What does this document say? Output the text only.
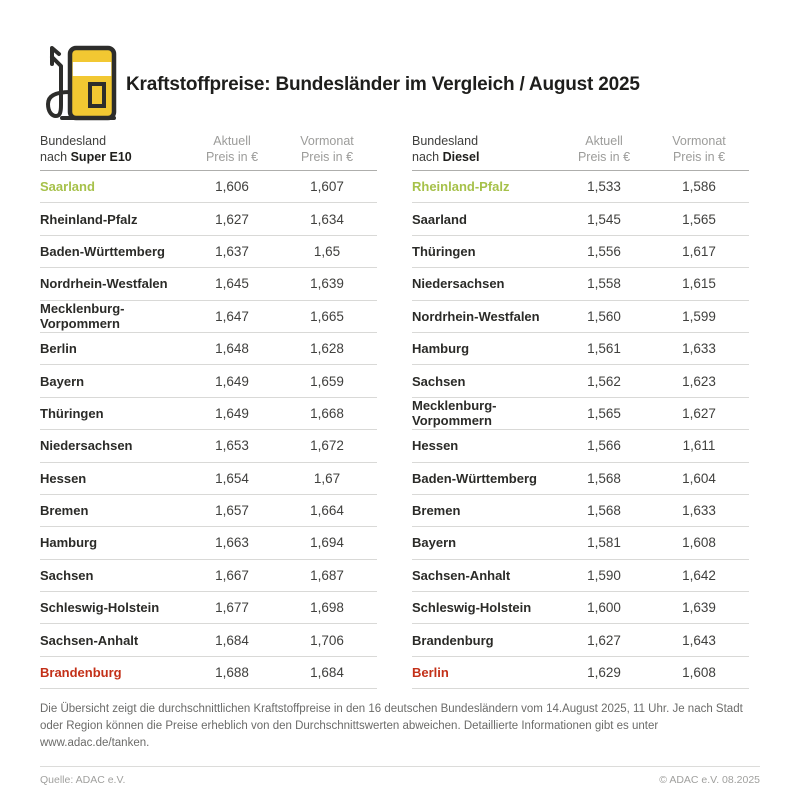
Kraftstoffpreise: Bundesländer im Vergleich / August 2025
Bundesland
nach Super E10
Aktuell
Preis in €
Vormonat
Preis in €
Saarland	1,606	1,607
Rheinland-Pfalz	1,627	1,634
Baden-Württemberg	1,637	1,65
Nordrhein-Westfalen	1,645	1,639
Mecklenburg-Vorpommern	1,647	1,665
Berlin	1,648	1,628
Bayern	1,649	1,659
Thüringen	1,649	1,668
Niedersachsen	1,653	1,672
Hessen	1,654	1,67
Bremen	1,657	1,664
Hamburg	1,663	1,694
Sachsen	1,667	1,687
Schleswig-Holstein	1,677	1,698
Sachsen-Anhalt	1,684	1,706
Brandenburg	1,688	1,684
Bundesland
nach Diesel
Aktuell
Preis in €
Vormonat
Preis in €
Rheinland-Pfalz	1,533	1,586
Saarland	1,545	1,565
Thüringen	1,556	1,617
Niedersachsen	1,558	1,615
Nordrhein-Westfalen	1,560	1,599
Hamburg	1,561	1,633
Sachsen	1,562	1,623
Mecklenburg-Vorpommern	1,565	1,627
Hessen	1,566	1,611
Baden-Württemberg	1,568	1,604
Bremen	1,568	1,633
Bayern	1,581	1,608
Sachsen-Anhalt	1,590	1,642
Schleswig-Holstein	1,600	1,639
Brandenburg	1,627	1,643
Berlin	1,629	1,608

Die Übersicht zeigt die durchschnittlichen Kraftstoffpreise in den 16 deutschen Bundesländern vom 14.August 2025, 11 Uhr. Je nach Stadt oder Region können die Preise erheblich von den Durchschnittswerten abweichen. Detaillierte Informationen gibt es unter www.adac.de/tanken.

Quelle: ADAC e.V.	© ADAC e.V. 08.2025
